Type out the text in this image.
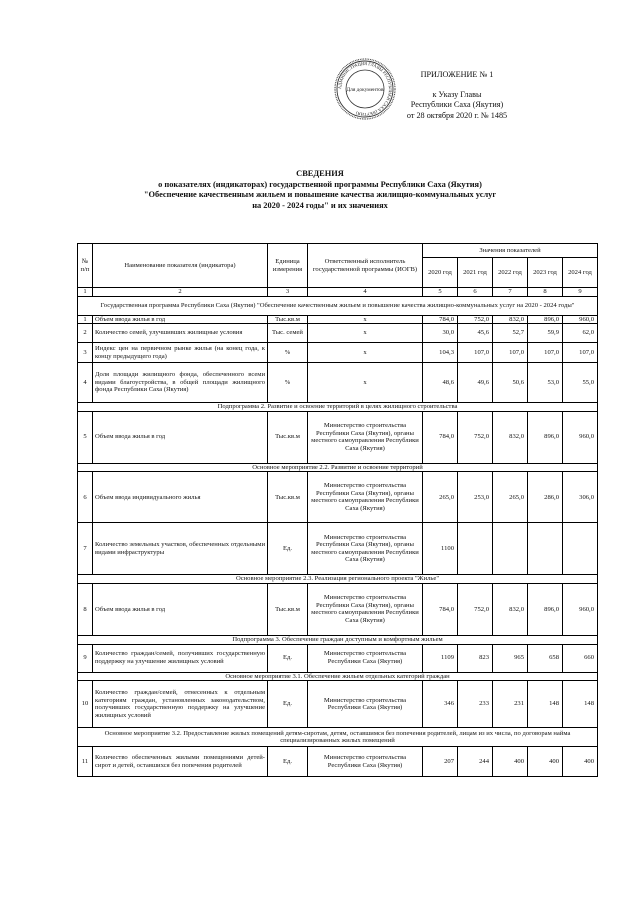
АДМИНИСТРАЦИЯ ГЛАВЫ РЕСПУБЛИКИ САХА (ЯКУТИЯ)
Для документов
ПРИЛОЖЕНИЕ № 1
к Указу Главы
Республики Саха (Якутия)
от 28 октября 2020 г. № 1485
СВЕДЕНИЯ
о показателях (индикаторах) государственной программы Республики Саха (Якутия)
"Обеспечение качественным жильем и повышение качества жилищно-коммунальных услуг
на 2020 - 2024 годы" и их значениях
№ п/п	Наименование показателя (индикатора)	Единица измерения	Ответственный исполнитель государственной программы (ИОГВ)	Значения показателей				
				2020 год	2021 год	2022 год	2023 год	2024 год
1	2	3	4	5	6	7	8	9
Государственная программа Республики Саха (Якутия) "Обеспечение качественным жильем и повышение качества жилищно-коммунальных услуг на 2020 - 2024 годы"								
1	Объем ввода жилья в год	Тыс.кв.м	х	784,0	752,0	832,0	896,0	960,0
2	Количество семей, улучшивших жилищные условия	Тыс. семей	х	30,0	45,6	52,7	59,9	62,0
3	Индекс цен на первичном рынке жилья (на конец года, к концу предыдущего года)	%	х	104,3	107,0	107,0	107,0	107,0
4	Доля площади жилищного фонда, обеспеченного всеми видами благоустройства, в общей площади жилищного фонда Республики Саха (Якутия)	%	х	48,6	49,6	50,6	53,0	55,0
Подпрограмма 2. Развитие и освоение территорий в целях жилищного строительства								
5	Объем ввода жилья в год	Тыс.кв.м	Министерство строительства Республики Саха (Якутия), органы местного самоуправления Республики Саха (Якутия)	784,0	752,0	832,0	896,0	960,0
Основное мероприятие 2.2. Развитие и освоение территорий								
6	Объем ввода индивидуального жилья	Тыс.кв.м	Министерство строительства Республики Саха (Якутия), органы местного самоуправления Республики Саха (Якутия)	265,0	253,0	265,0	286,0	306,0
7	Количество земельных участков, обеспеченных отдельными видами инфраструктуры	Ед.	Министерство строительства Республики Саха (Якутия), органы местного самоуправления Республики Саха (Якутия)	1100				
Основное мероприятие 2.3. Реализация регионального проекта "Жилье"								
8	Объем ввода жилья в год	Тыс.кв.м	Министерство строительства Республики Саха (Якутия), органы местного самоуправления Республики Саха (Якутия)	784,0	752,0	832,0	896,0	960,0
Подпрограмма 3. Обеспечение граждан доступным и комфортным жильем								
9	Количество граждан/семей, получивших государственную поддержку на улучшение жилищных условий	Ед.	Министерство строительства Республики Саха (Якутия)	1109	823	965	658	660
Основное мероприятие 3.1. Обеспечение жильем отдельных категорий граждан								
10	Количество граждан/семей, отнесенных к отдельным категориям граждан, установленных законодательством, получивших государственную поддержку на улучшение жилищных условий	Ед.	Министерство строительства Республики Саха (Якутия)	346	233	231	148	148
Основное мероприятие 3.2. Предоставление жилых помещений детям-сиротам, детям, оставшимся без попечения родителей, лицам из их числа, по договорам найма специализированных жилых помещений								
11	Количество обеспеченных жилыми помещениями детей-сирот и детей, оставшихся без попечения родителей	Ед.	Министерство строительства Республики Саха (Якутия)	207	244	400	400	400
